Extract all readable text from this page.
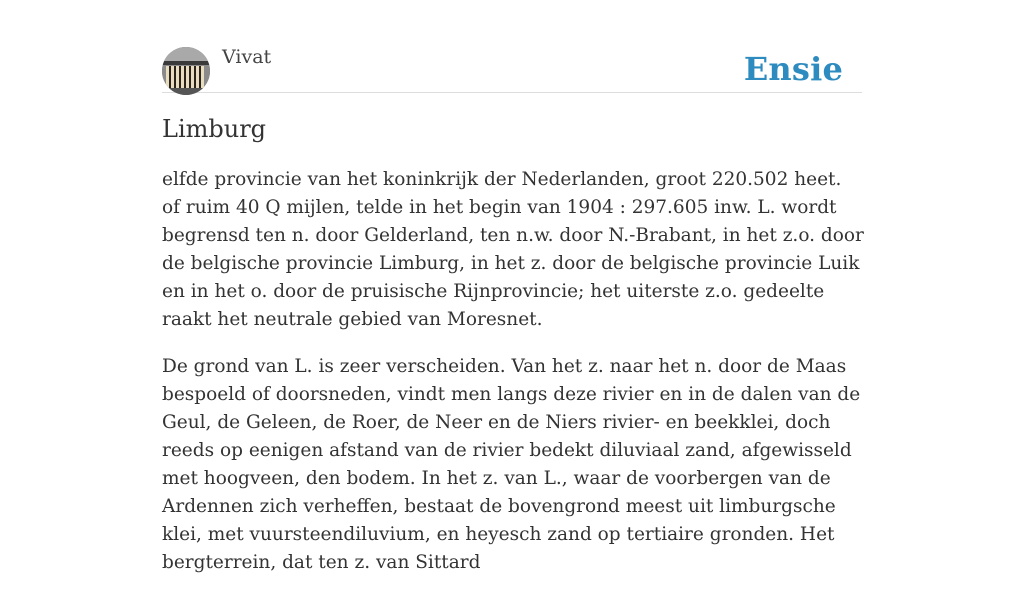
Vivat	Ensie
Limburg

elfde provincie van het koninkrijk der Nederlanden, groot 220.502 heet. of ruim 40 Q mijlen, telde in het begin van 1904 : 297.605 inw. L. wordt begrensd ten n. door Gelderland, ten n.w. door N.-Brabant, in het z.o. door de belgische provincie Limburg, in het z. door de belgische provincie Luik en in het o. door de pruisische Rijnprovincie; het uiterste z.o. gedeelte raakt het neutrale gebied van Moresnet.

De grond van L. is zeer verscheiden. Van het z. naar het n. door de Maas bespoeld of doorsneden, vindt men langs deze rivier en in de dalen van de Geul, de Geleen, de Roer, de Neer en de Niers rivier- en beekklei, doch reeds op eenigen afstand van de rivier bedekt diluviaal zand, afgewisseld met hoogveen, den bodem. In het z. van L., waar de voorbergen van de Ardennen zich verheffen, bestaat de bovengrond meest uit limburgsche klei, met vuursteendiluvium, en heyesch zand op tertiaire gronden. Het bergterrein, dat ten z. van Sittard
